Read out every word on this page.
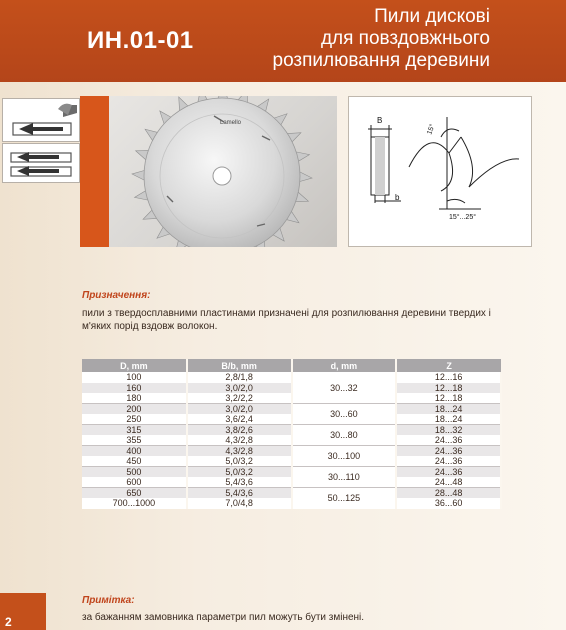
ИН.01-01
Пили дискові
для повздовжнього
розпилювання деревини
Lamello	B
b
15°
15°...25°
Призначення:
пили з твердосплавними пластинами призначені для розпилювання деревини твердих і м'яких порід вздовж волокон.
D, mm	B/b, mm	d, mm	Z
100	2,8/1,8	30...32	12...16
160	3,0/2,0		12...18
180	3,2/2,2		12...18
200	3,0/2,0	30...60	18...24
250	3,6/2,4		18...24
315	3,8/2,6	30...80	18...32
355	4,3/2,8		24...36
400	4,3/2,8	30...100	24...36
450	5,0/3,2		24...36
500	5,0/3,2	30...110	24...36
600	5,4/3,6		24...48
650	5,4/3,6	50...125	28...48
700...1000	7,0/4,8		36...60
Примітка:
за бажанням замовника параметри пил можуть бути змінені.
2
